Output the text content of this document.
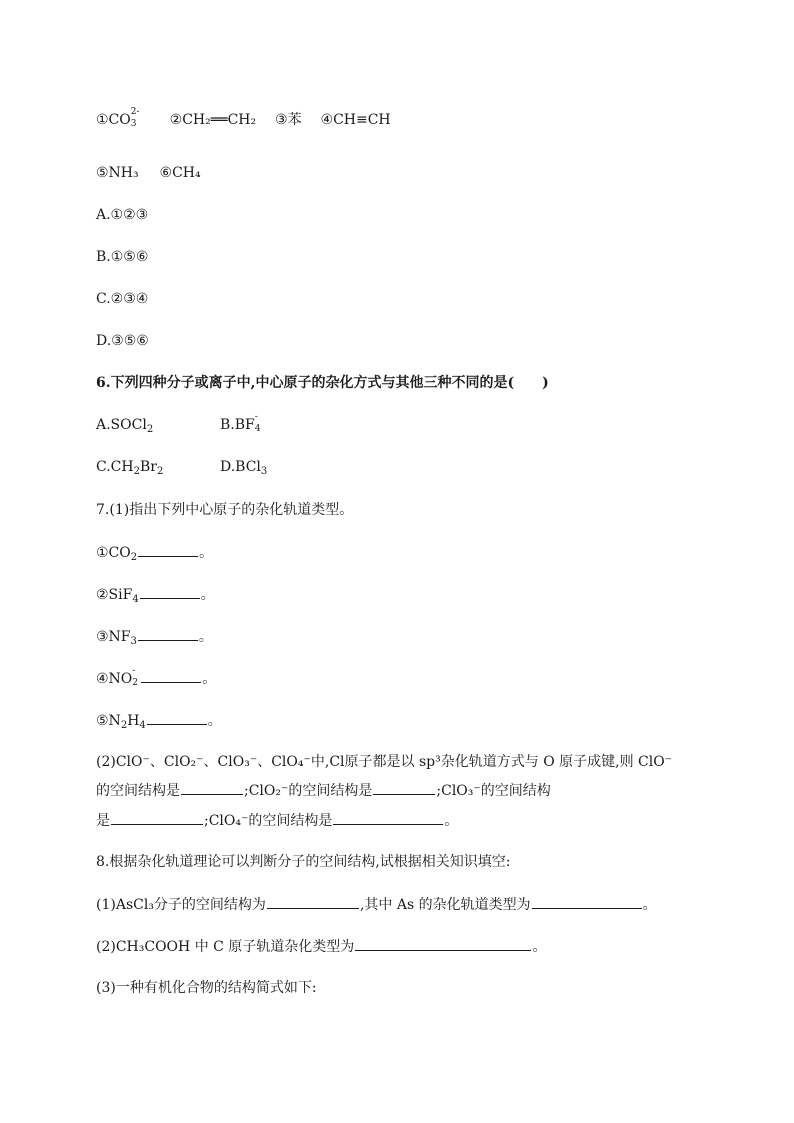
①CO 2-
3 ②CH₂══CH₂ ③苯 ④CH≡CH
⑤NH₃ ⑥CH₄
A.①②③
B.①⑤⑥
C.②③④
D.③⑤⑥
6.下列四种分子或离子中,中心原子的杂化方式与其他三种不同的是(　　)
A.SOCl$_2$	B.BF -
4
$C.CH_2Br_2$	D.BCl$_3$
7.(1)指出下列中心原子的杂化轨道类型。
$①CO_2$	。
②SiF$_4$	。
$③NF_3$	。
④NO -
2	。
$⑤N_2H_4$	。
(2)ClO⁻、ClO₂⁻、ClO₃⁻、ClO₄⁻中,Cl原子都是以 sp³杂化轨道方式与 O 原子成键,则 ClO⁻
的空间结构是	;ClO₂⁻的空间结构是	;ClO₃⁻的空间结构
是	;ClO₄⁻的空间结构是	。
8.根据杂化轨道理论可以判断分子的空间结构,试根据相关知识填空:
(1)AsCl₃分子的空间结构为	,其中 As 的杂化轨道类型为	。
(2)CH₃COOH 中 C 原子轨道杂化类型为	。
(3)一种有机化合物的结构简式如下:
